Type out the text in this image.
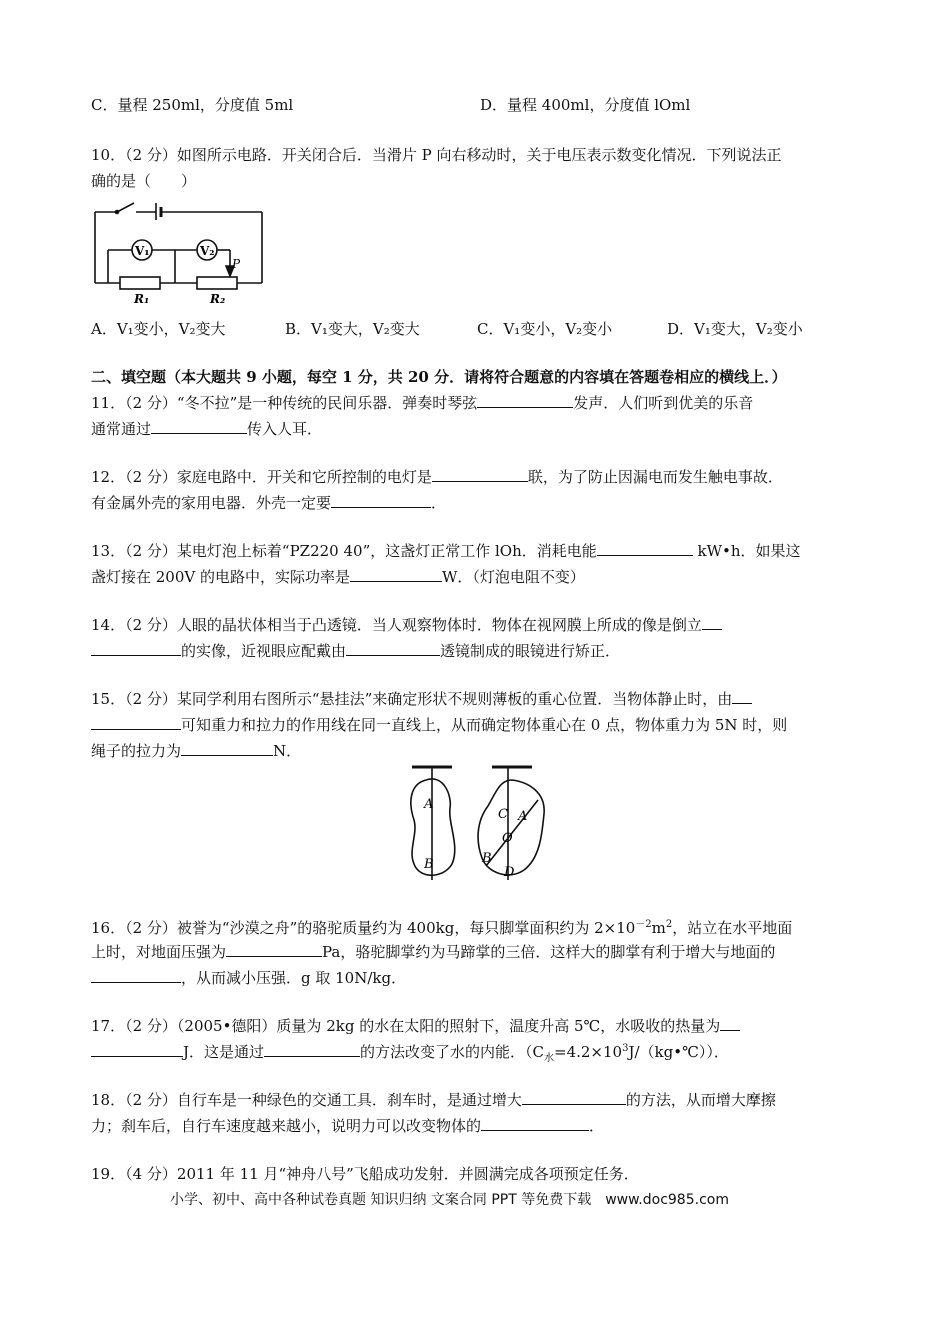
C．量程 250ml，分度值 5ml	D．量程 400ml，分度值 lOml
10．（2 分）如图所示电路．开关闭合后．当滑片 P 向右移动时，关于电压表示数变化情况．下列说法正
确的是（　　）
V₁	V₂
P
R₁	R₂
A．V₁变小，V₂变大	B．V₁变大，V₂变大	C．V₁变小，V₂变小	D．V₁变大，V₂变小
二、填空题（本大题共 9 小题，每空 1 分，共 20 分．请将符合题意的内容填在答题卷相应的横线上．）
11．（2 分）“冬不拉”是一种传统的民间乐器．弹奏时琴弦	发声．人们听到优美的乐音
通常通过	传入人耳．
12．（2 分）家庭电路中．开关和它所控制的电灯是	联，为了防止因漏电而发生触电事故．
有金属外壳的家用电器．外壳一定要	．
13．（2 分）某电灯泡上标着“PZ220 40”，这盏灯正常工作 lOh．消耗电能	kW•h．如果这
盏灯接在 200V 的电路中，实际功率是	W．（灯泡电阻不变）
14．（2 分）人眼的晶状体相当于凸透镜．当人观察物体时．物体在视网膜上所成的像是倒立
的实像，近视眼应配戴由	透镜制成的眼镜进行矫正．
15．（2 分）某同学利用右图所示“悬挂法”来确定形状不规则薄板的重心位置．当物体静止时，由
可知重力和拉力的作用线在同一直线上，从而确定物体重心在 0 点，物体重力为 5N 时，则
绳子的拉力为	N．
A
B
C
O
A
B
D
16．（2 分）被誉为“沙漠之舟”的骆驼质量约为 400kg，每只脚掌面积约为 $2\times 10^{-2}m^2$，站立在水平地面
上时，对地面压强为	Pa，骆驼脚掌约为马蹄掌的三倍．这样大的脚掌有利于增大与地面的
，从而减小压强．g 取 10N/kg．
17．（2 分）（2005•德阳）质量为 2kg 的水在太阳的照射下，温度升高 5℃，水吸收的热量为
J．这是通过	的方法改变了水的内能．$(C_水=4.2\times 10^3J/(kg•℃))$．
18．（2 分）自行车是一种绿色的交通工具．刹车时，是通过增大	的方法，从而增大摩擦
力；刹车后，自行车速度越来越小，说明力可以改变物体的	．
19．（4 分）2011 年 11 月“神舟八号”飞船成功发射．并圆满完成各项预定任务．
小学、初中、高中各种试卷真题 知识归纳 文案合同 PPT 等免费下载　www.doc985.com
